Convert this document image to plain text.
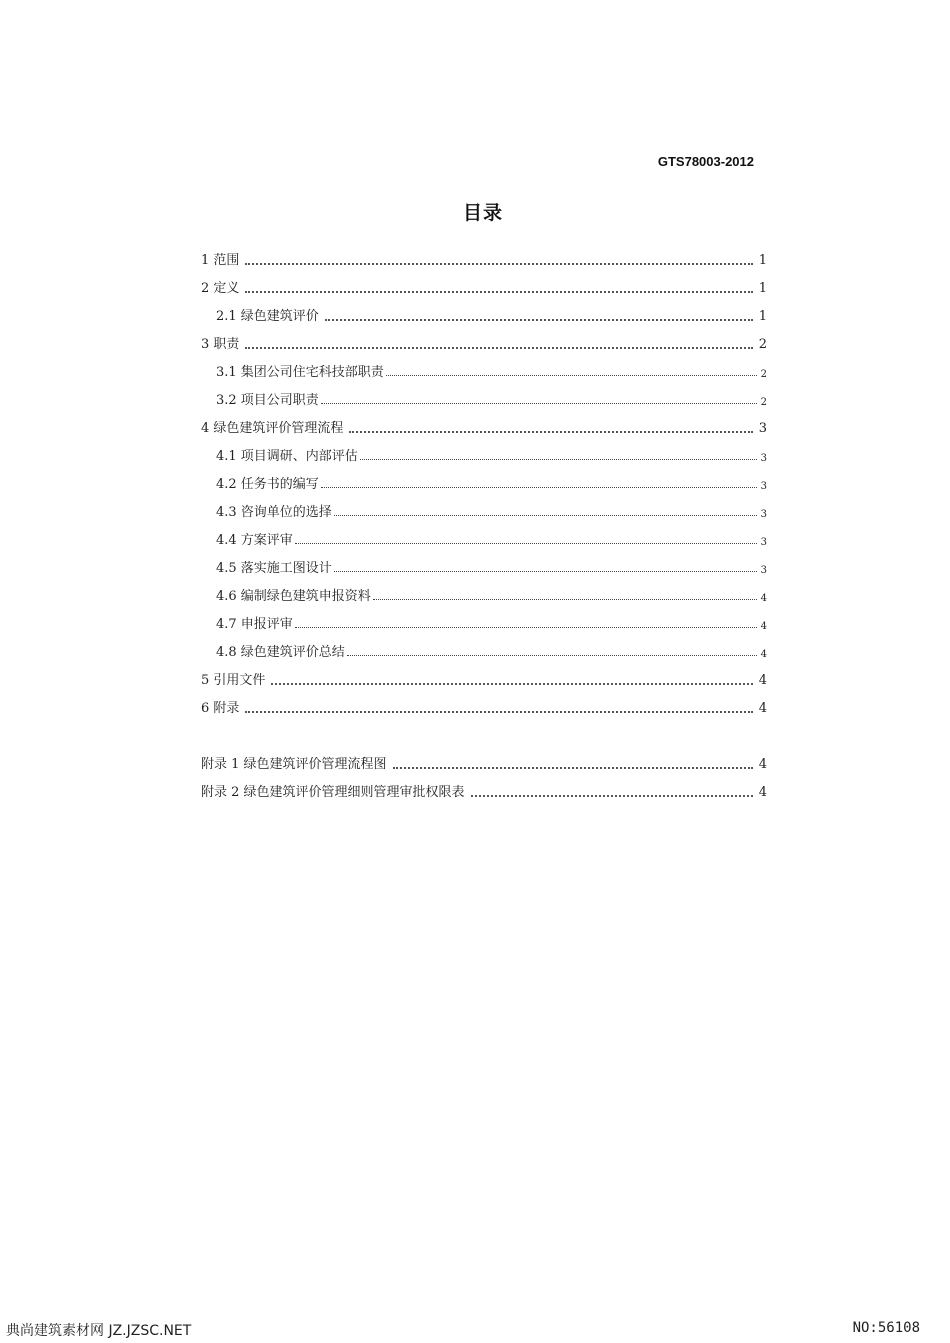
GTS78003-2012
目录
1 范围	1
2 定义	1
2.1 绿色建筑评价	1
3 职责	2
3.1 集团公司住宅科技部职责	2
3.2 项目公司职责	2
4 绿色建筑评价管理流程	3
4.1 项目调研、内部评估	3
4.2 任务书的编写	3
4.3 咨询单位的选择	3
4.4 方案评审	3
4.5 落实施工图设计	3
4.6 编制绿色建筑申报资料	4
4.7 申报评审	4
4.8 绿色建筑评价总结	4
5 引用文件	4
6 附录	4
附录 1 绿色建筑评价管理流程图	4
附录 2 绿色建筑评价管理细则管理审批权限表	4
典尚建筑素材网 JZ.JZSC.NET	NO:56108
